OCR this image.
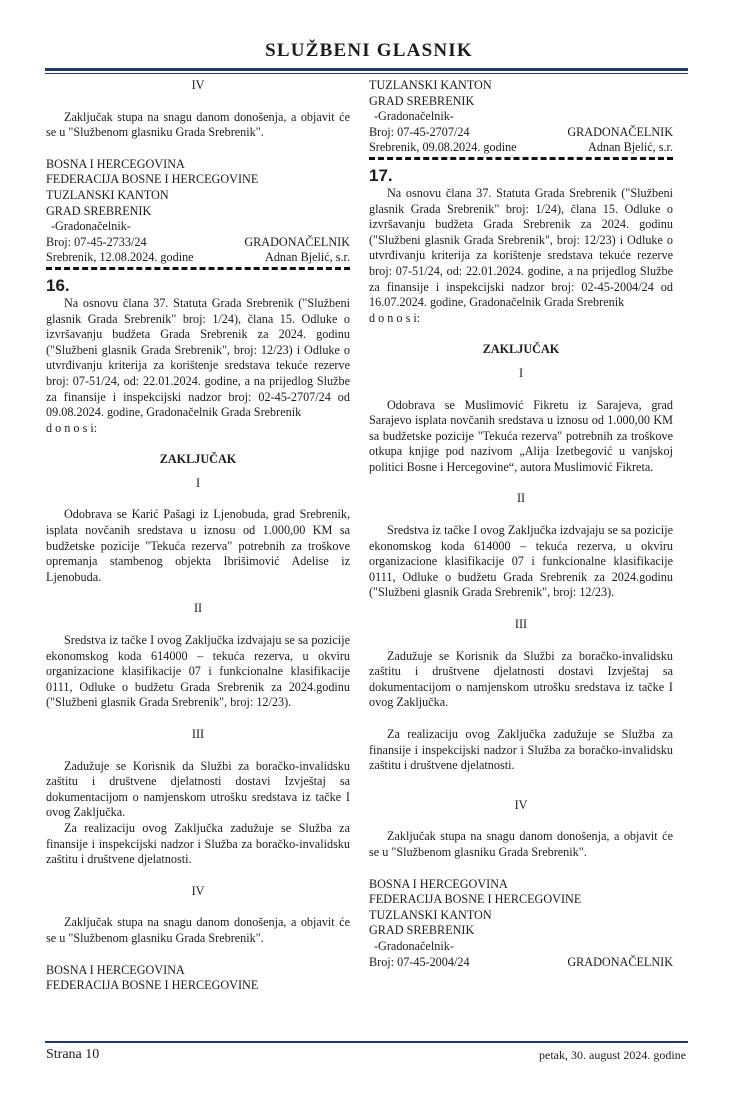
SLUŽBENI GLASNIK
IV
Zaključak stupa na snagu danom donošenja, a objavit će se u "Službenom glasniku Grada Srebrenik".
BOSNA I HERCEGOVINA
FEDERACIJA BOSNE I HERCEGOVINE
TUZLANSKI KANTON
GRAD SREBRENIK
-Gradonačelnik-
Broj: 07-45-2733/24	GRADONAČELNIK
Srebrenik, 12.08.2024. godine	Adnan Bjelić, s.r.
16.
Na osnovu člana 37. Statuta Grada Srebrenik ("Službeni glasnik Grada Srebrenik" broj: 1/24), člana 15. Odluke o izvršavanju budžeta Grada Srebrenik za 2024. godinu ("Službeni glasnik Grada Srebrenik", broj: 12/23) i Odluke o utvrđivanju kriterija za korištenje sredstava tekuće rezerve broj: 07-51/24, od: 22.01.2024. godine, a na prijedlog Službe za finansije i inspekcijski nadzor broj: 02-45-2707/24 od 09.08.2024. godine, Gradonačelnik Grada Srebrenik
d o n o s i:
ZAKLJUČAK
I
Odobrava se Karić Pašagi iz Ljenobuda, grad Srebrenik, isplata novčanih sredstava u iznosu od 1.000,00 KM sa budžetske pozicije "Tekuća rezerva" potrebnih za troškove opremanja stambenog objekta Ibrišimović Adelise iz Ljenobuda.
II
Sredstva iz tačke I ovog Zaključka izdvajaju se sa pozicije ekonomskog koda 614000 – tekuća rezerva, u okviru organizacione klasifikacije 07 i funkcionalne klasifikacije 0111, Odluke o budžetu Grada Srebrenik za 2024.godinu ("Službeni glasnik Grada Srebrenik", broj: 12/23).
III
Zadužuje se Korisnik da Službi za boračko-invalidsku zaštitu i društvene djelatnosti dostavi Izvještaj sa dokumentacijom o namjenskom utrošku sredstava iz tačke I ovog Zaključka.
Za realizaciju ovog Zaključka zadužuje se Služba za finansije i inspekcijski nadzor i Služba za boračko-invalidsku zaštitu i društvene djelatnosti.
IV
Zaključak stupa na snagu danom donošenja, a objavit će se u "Službenom glasniku Grada Srebrenik".
BOSNA I HERCEGOVINA
FEDERACIJA BOSNE I HERCEGOVINE
TUZLANSKI KANTON
GRAD SREBRENIK
-Gradonačelnik-
Broj: 07-45-2707/24	GRADONAČELNIK
Srebrenik, 09.08.2024. godine	Adnan Bjelić, s.r.
17.
Na osnovu člana 37. Statuta Grada Srebrenik ("Službeni glasnik Grada Srebrenik" broj: 1/24), člana 15. Odluke o izvršavanju budžeta Grada Srebrenik za 2024. godinu ("Službeni glasnik Grada Srebrenik", broj: 12/23) i Odluke o utvrđivanju kriterija za korištenje sredstava tekuće rezerve broj: 07-51/24, od: 22.01.2024. godine, a na prijedlog Službe za finansije i inspekcijski nadzor broj: 02-45-2004/24 od 16.07.2024. godine, Gradonačelnik Grada Srebrenik
d o n o s i:
ZAKLJUČAK
I
Odobrava se Muslimović Fikretu iz Sarajeva, grad Sarajevo isplata novčanih sredstava u iznosu od 1.000,00 KM sa budžetske pozicije "Tekuća rezerva" potrebnih za troškove otkupa knjige pod nazivom „Alija Izetbegović u vanjskoj politici Bosne i Hercegovine“, autora Muslimović Fikreta.
II
Sredstva iz tačke I ovog Zaključka izdvajaju se sa pozicije ekonomskog koda 614000 – tekuća rezerva, u okviru organizacione klasifikacije 07 i funkcionalne klasifikacije 0111, Odluke o budžetu Grada Srebrenik za 2024.godinu ("Službeni glasnik Grada Srebrenik", broj: 12/23).
III
Zadužuje se Korisnik da Službi za boračko-invalidsku zaštitu i društvene djelatnosti dostavi Izvještaj sa dokumentacijom o namjenskom utrošku sredstava iz tačke I ovog Zaključka.
Za realizaciju ovog Zaključka zadužuje se Služba za finansije i inspekcijski nadzor i Služba za boračko-invalidsku zaštitu i društvene djelatnosti.
IV
Zaključak stupa na snagu danom donošenja, a objavit će se u "Službenom glasniku Grada Srebrenik".
BOSNA I HERCEGOVINA
FEDERACIJA BOSNE I HERCEGOVINE
TUZLANSKI KANTON
GRAD SREBRENIK
-Gradonačelnik-
Broj: 07-45-2004/24	GRADONAČELNIK
Strana 10	petak, 30. august 2024. godine
